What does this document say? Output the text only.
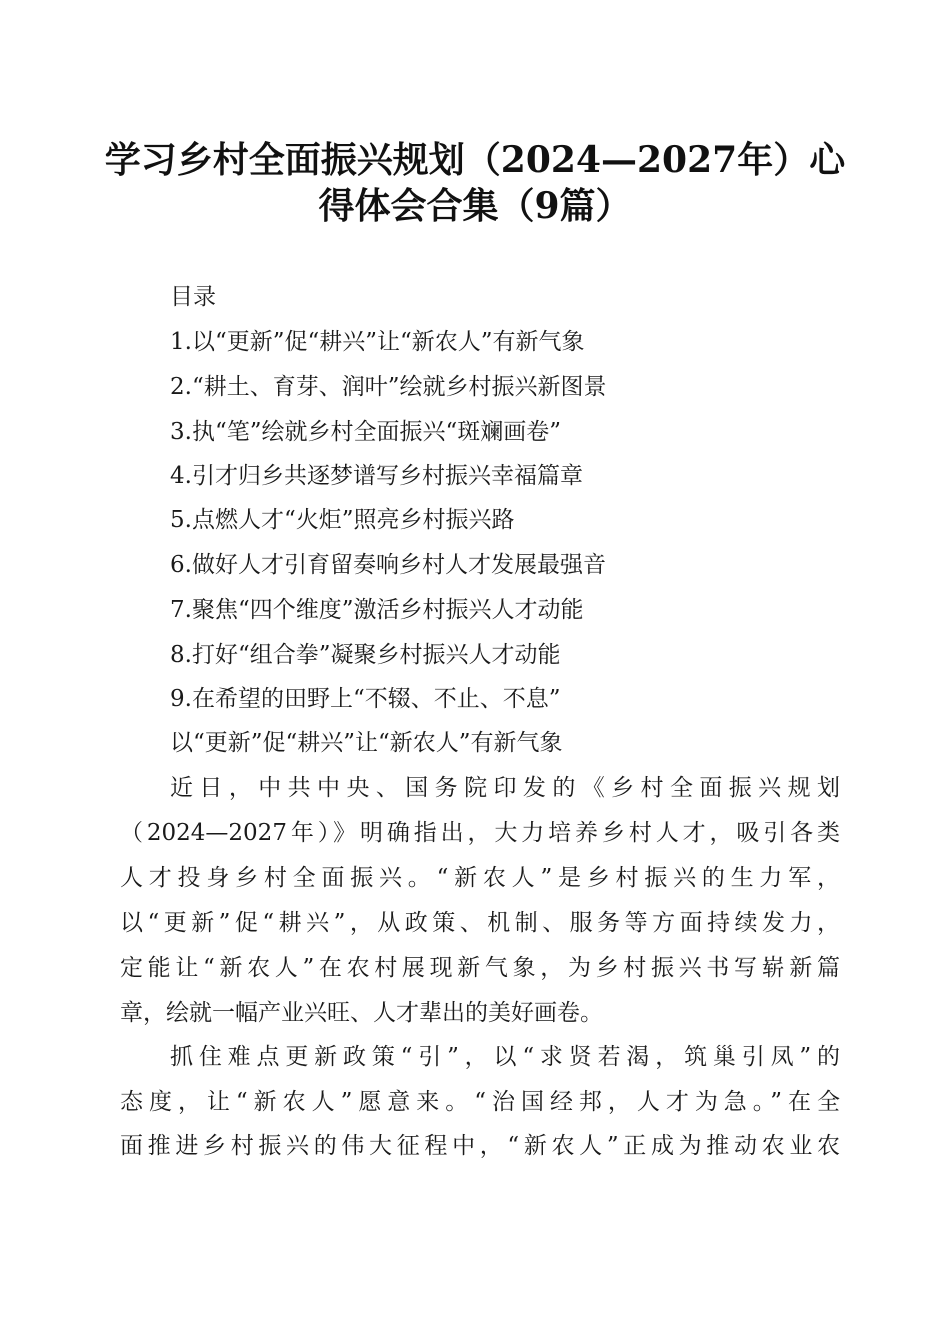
学习乡村全面振兴规划（2024—2027年）心
得体会合集（9篇）
目录
1.以“更新”促“耕兴”让“新农人”有新气象
2.“耕土、育芽、润叶”绘就乡村振兴新图景
3.执“笔”绘就乡村全面振兴“斑斓画卷”
4.引才归乡共逐梦谱写乡村振兴幸福篇章
5.点燃人才“火炬”照亮乡村振兴路
6.做好人才引育留奏响乡村人才发展最强音
7.聚焦“四个维度”激活乡村振兴人才动能
8.打好“组合拳”凝聚乡村振兴人才动能
9.在希望的田野上“不辍、不止、不息”
以“更新”促“耕兴”让“新农人”有新气象
近日，中共中央、国务院印发的《乡村全面振兴规划
（2024—2027年）》明确指出，大力培养乡村人才，吸引各类
人才投身乡村全面振兴。“新农人”是乡村振兴的生力军，
以“更新”促“耕兴”，从政策、机制、服务等方面持续发力，
定能让“新农人”在农村展现新气象，为乡村振兴书写崭新篇
章，绘就一幅产业兴旺、人才辈出的美好画卷。
抓住难点更新政策“引”，以“求贤若渴，筑巢引凤”的
态度，让“新农人”愿意来。“治国经邦，人才为急。”在全
面推进乡村振兴的伟大征程中，“新农人”正成为推动农业农
